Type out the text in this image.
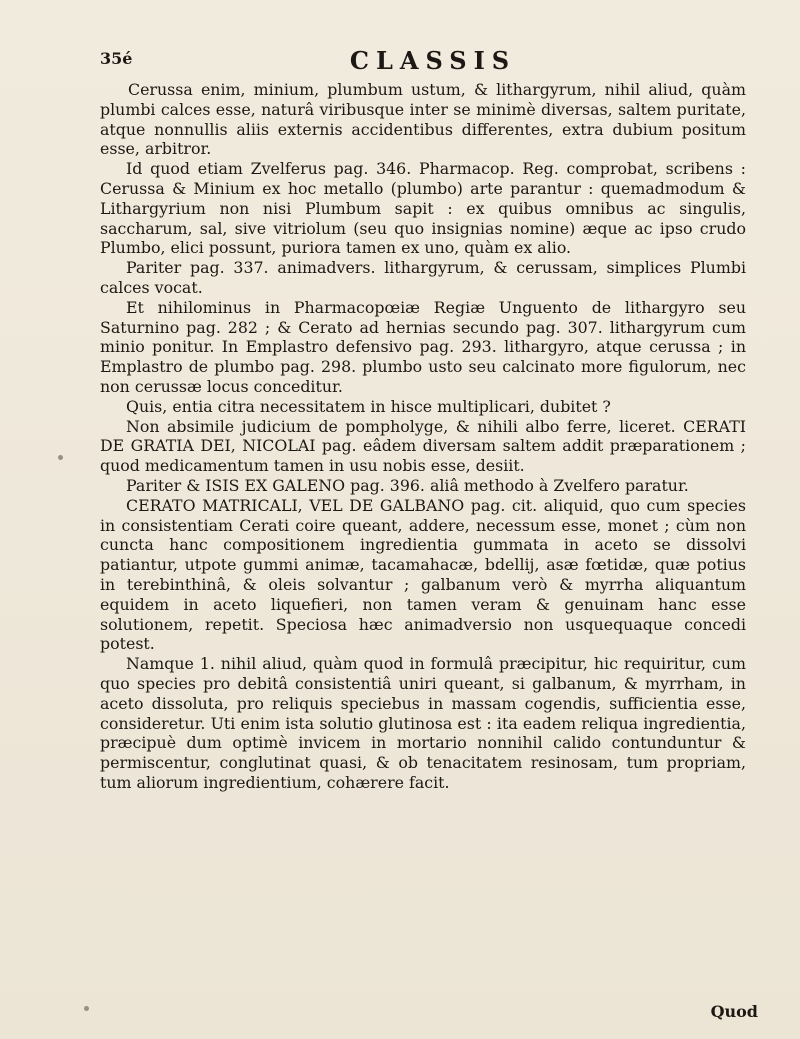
35é	CLASSIS

Cerussa enim, minium, plumbum ustum, & lithargyrum, nihil aliud, quàm plumbi calces esse, naturâ viribusque inter se minimè diversas, saltem puritate, atque nonnullis aliis externis accidentibus differentes, extra dubium positum esse, arbitror.

Id quod etiam Zvelferus pag. 346. Pharmacop. Reg. comprobat, scribens : Cerussa & Minium ex hoc metallo (plumbo) arte parantur : quemadmodum & Lithargyrium non nisi Plumbum sapit : ex quibus omnibus ac singulis, saccharum, sal, sive vitriolum (seu quo insignias nomine) æque ac ipso crudo Plumbo, elici possunt, puriora tamen ex uno, quàm ex alio.

Pariter pag. 337. animadvers. lithargyrum, & cerussam, simplices Plumbi calces vocat.

Et nihilominus in Pharmacopœiæ Regiæ Unguento de lithargyro seu Saturnino pag. 282 ; & Cerato ad hernias secundo pag. 307. lithargyrum cum minio ponitur. In Emplastro defensivo pag. 293. lithargyro, atque cerussa ; in Emplastro de plumbo pag. 298. plumbo usto seu calcinato more figulorum, nec non cerussæ locus conceditur.

Quis, entia citra necessitatem in hisce multiplicari, dubitet ?

Non absimile judicium de pompholyge, & nihili albo ferre, liceret. CERATI DE GRATIA DEI, NICOLAI pag. eâdem diversam saltem addit præparationem ; quod medicamentum tamen in usu nobis esse, desiit.

Pariter & ISIS EX GALENO pag. 396. aliâ methodo à Zvelfero paratur.

CERATO MATRICALI, VEL DE GALBANO pag. cit. aliquid, quo cum species in consistentiam Cerati coire queant, addere, necessum esse, monet ; cùm non cuncta hanc compositionem ingredientia gummata in aceto se dissolvi patiantur, utpote gummi animæ, tacamahacæ, bdellij, asæ fœtidæ, quæ potius in terebinthinâ, & oleis solvantur ; galbanum verò & myrrha aliquantum equidem in aceto liquefieri, non tamen veram & genuinam hanc esse solutionem, repetit. Speciosa hæc animadversio non usquequaque concedi potest.

Namque 1. nihil aliud, quàm quod in formulâ præcipitur, hic requiritur, cum quo species pro debitâ consistentiâ uniri queant, si galbanum, & myrrham, in aceto dissoluta, pro reliquis speciebus in massam cogendis, sufficientia esse, consideretur. Uti enim ista solutio glutinosa est : ita eadem reliqua ingredientia, præcipuè dum optimè invicem in mortario nonnihil calido contunduntur & permiscentur, conglutinat quasi, & ob tenacitatem resinosam, tum propriam, tum aliorum ingredientium, cohærere facit.

Quod
